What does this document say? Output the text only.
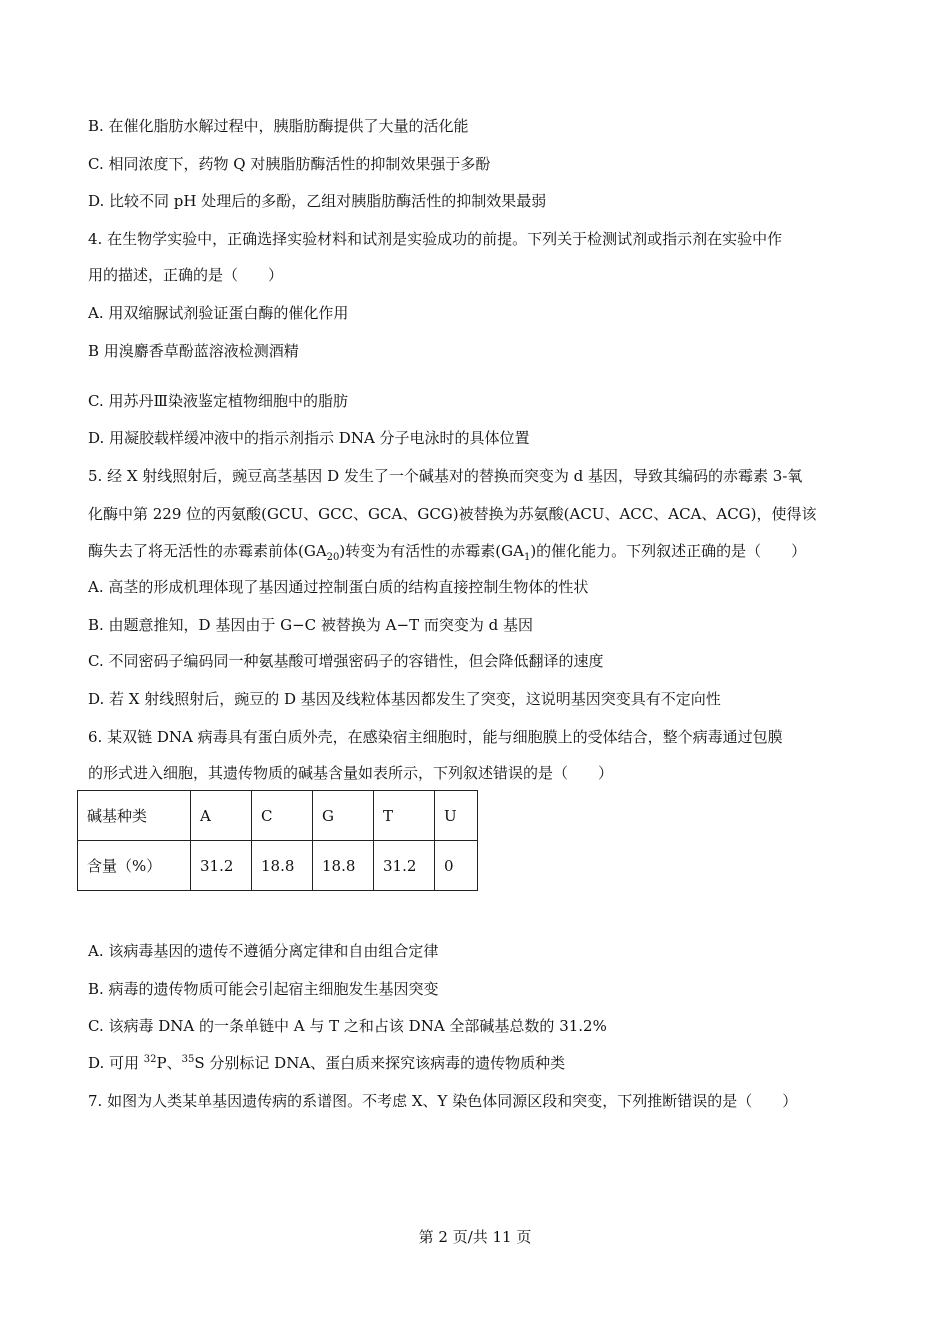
B. 在催化脂肪水解过程中，胰脂肪酶提供了大量的活化能
C. 相同浓度下，药物 Q 对胰脂肪酶活性的抑制效果强于多酚
D. 比较不同 pH 处理后的多酚，乙组对胰脂肪酶活性的抑制效果最弱
4. 在生物学实验中，正确选择实验材料和试剂是实验成功的前提。下列关于检测试剂或指示剂在实验中作
用的描述，正确的是（　　）
A. 用双缩脲试剂验证蛋白酶的催化作用
B 用溴麝香草酚蓝溶液检测酒精
C. 用苏丹Ⅲ染液鉴定植物细胞中的脂肪
D. 用凝胶载样缓冲液中的指示剂指示 DNA 分子电泳时的具体位置
5. 经 X 射线照射后，豌豆高茎基因 D 发生了一个碱基对的替换而突变为 d 基因，导致其编码的赤霉素 3-氧
化酶中第 229 位的丙氨酸(GCU、GCC、GCA、GCG)被替换为苏氨酸(ACU、ACC、ACA、ACG)，使得该
酶失去了将无活性的赤霉素前体$(GA_{20})$转变为有活性的赤霉素$(GA_1)$的催化能力。下列叙述正确的是（　　）
A. 高茎的形成机理体现了基因通过控制蛋白质的结构直接控制生物体的性状
B. 由题意推知，D 基因由于 G−C 被替换为 A−T 而突变为 d 基因
C. 不同密码子编码同一种氨基酸可增强密码子的容错性，但会降低翻译的速度
D. 若 X 射线照射后，豌豆的 D 基因及线粒体基因都发生了突变，这说明基因突变具有不定向性
6. 某双链 DNA 病毒具有蛋白质外壳，在感染宿主细胞时，能与细胞膜上的受体结合，整个病毒通过包膜
的形式进入细胞，其遗传物质的碱基含量如表所示，下列叙述错误的是（　　）
碱基种类	A	C	G	T	U
含量（%）	31.2	18.8	18.8	31.2	0
A. 该病毒基因的遗传不遵循分离定律和自由组合定律
B. 病毒的遗传物质可能会引起宿主细胞发生基因突变
C. 该病毒 DNA 的一条单链中 A 与 T 之和占该 DNA 全部碱基总数的 31.2%
D. 可用 $^{32}$P、$^{35}$S 分别标记 DNA、蛋白质来探究该病毒的遗传物质种类
7. 如图为人类某单基因遗传病的系谱图。不考虑 X、Y 染色体同源区段和突变，下列推断错误的是（　　）
第 2 页/共 11 页
